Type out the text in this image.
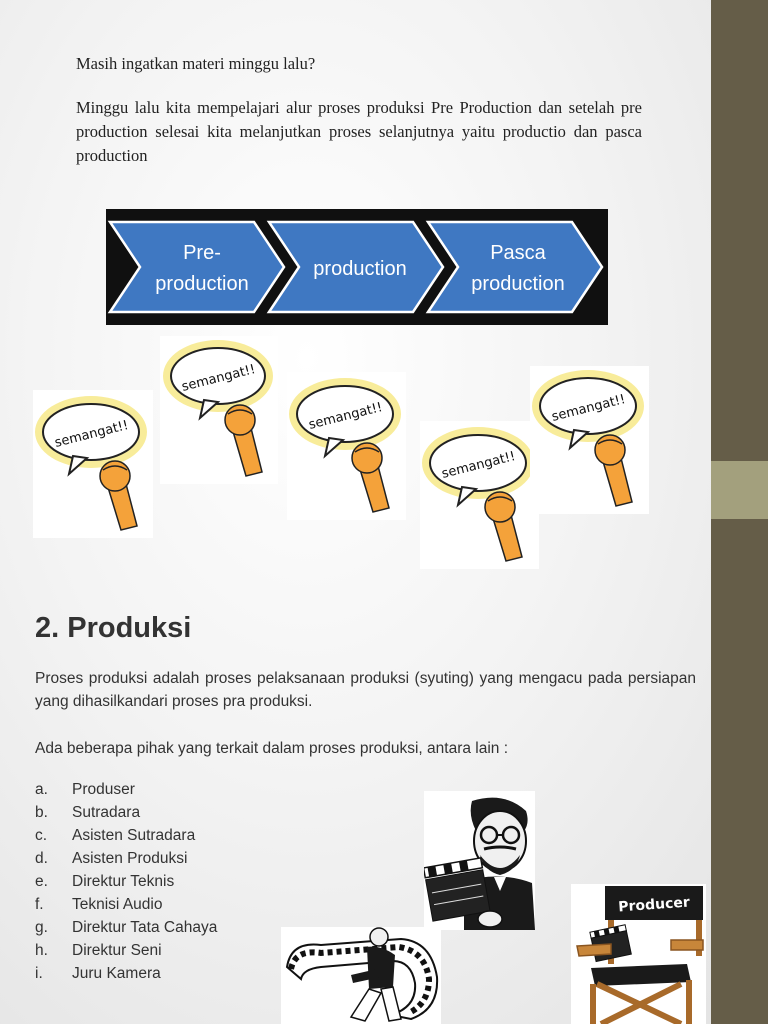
Masih ingatkan materi minggu lalu?

Minggu lalu kita mempelajari alur proses produksi Pre Production dan setelah pre production selesai kita melanjutkan proses selanjutnya yaitu productio dan pasca production

Pre-
production
production
Pasca
production
semangat!!
semangat!!
semangat!!
semangat!!
semangat!!
2. Produksi

Proses produksi adalah proses pelaksanaan produksi (syuting) yang mengacu pada persiapan yang dihasilkandari proses pra produksi.

Ada beberapa pihak yang terkait dalam proses produksi, antara lain :

a.	Produser
b.	Sutradara
c.	Asisten Sutradara
d.	Asisten Produksi
e.	Direktur Teknis
f.	Teknisi Audio
g.	Direktur Tata Cahaya
h.	Direktur Seni
i.	Juru Kamera
Producer
